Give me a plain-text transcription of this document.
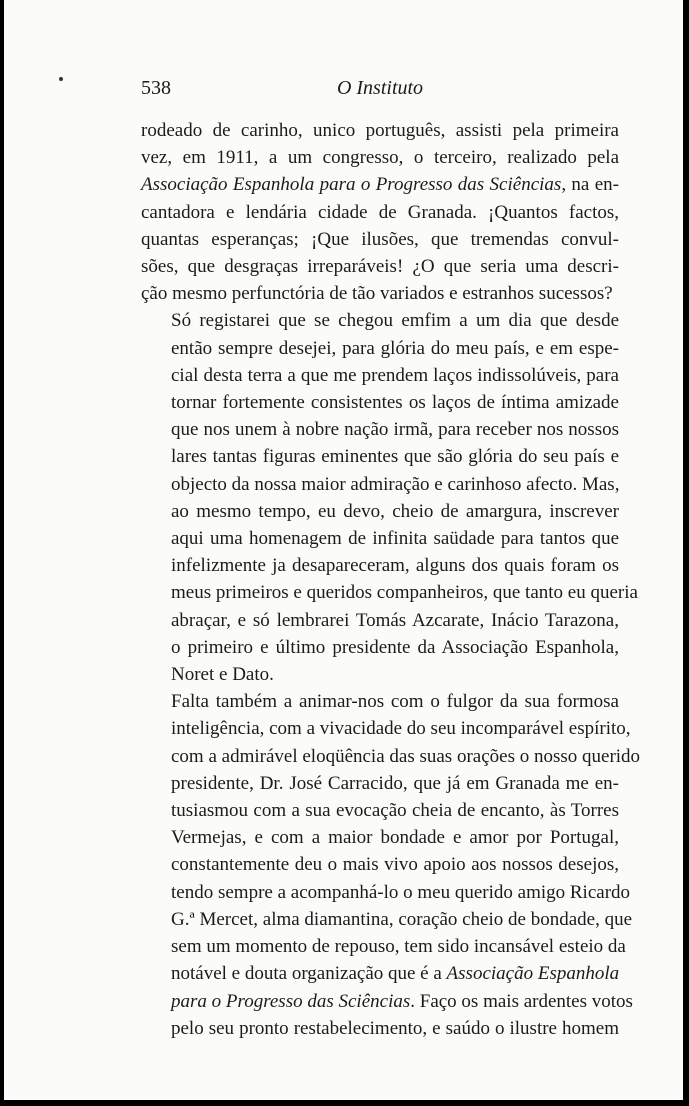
538	O Instituto

rodeado de carinho, unico português, assisti pela primeira
vez, em 1911, a um congresso, o terceiro, realizado pela
Associação Espanhola para o Progresso das Sciências, na en-
cantadora e lendária cidade de Granada. ¡Quantos factos,
quantas esperanças; ¡Que ilusões, que tremendas convul-
sões, que desgraças irreparáveis! ¿O que seria uma descri-
ção mesmo perfunctória de tão variados e estranhos sucessos?

Só registarei que se chegou emfim a um dia que desde
então sempre desejei, para glória do meu país, e em espe-
cial desta terra a que me prendem laços indissolúveis, para
tornar fortemente consistentes os laços de íntima amizade
que nos unem à nobre nação irmã, para receber nos nossos
lares tantas figuras eminentes que são glória do seu país e
objecto da nossa maior admiração e carinhoso afecto. Mas,
ao mesmo tempo, eu devo, cheio de amargura, inscrever
aqui uma homenagem de infinita saüdade para tantos que
infelizmente ja desapareceram, alguns dos quais foram os
meus primeiros e queridos companheiros, que tanto eu queria
abraçar, e só lembrarei Tomás Azcarate, Inácio Tarazona,
o primeiro e último presidente da Associação Espanhola,
Noret e Dato.

Falta também a animar-nos com o fulgor da sua formosa
inteligência, com a vivacidade do seu incomparável espírito,
com a admirável eloqüência das suas orações o nosso querido
presidente, Dr. José Carracido, que já em Granada me en-
tusiasmou com a sua evocação cheia de encanto, às Torres
Vermejas, e com a maior bondade e amor por Portugal,
constantemente deu o mais vivo apoio aos nossos desejos,
tendo sempre a acompanhá-lo o meu querido amigo Ricardo
G.ª Mercet, alma diamantina, coração cheio de bondade, que
sem um momento de repouso, tem sido incansável esteio da
notável e douta organização que é a Associação Espanhola
para o Progresso das Sciências. Faço os mais ardentes votos
pelo seu pronto restabelecimento, e saúdo o ilustre homem
